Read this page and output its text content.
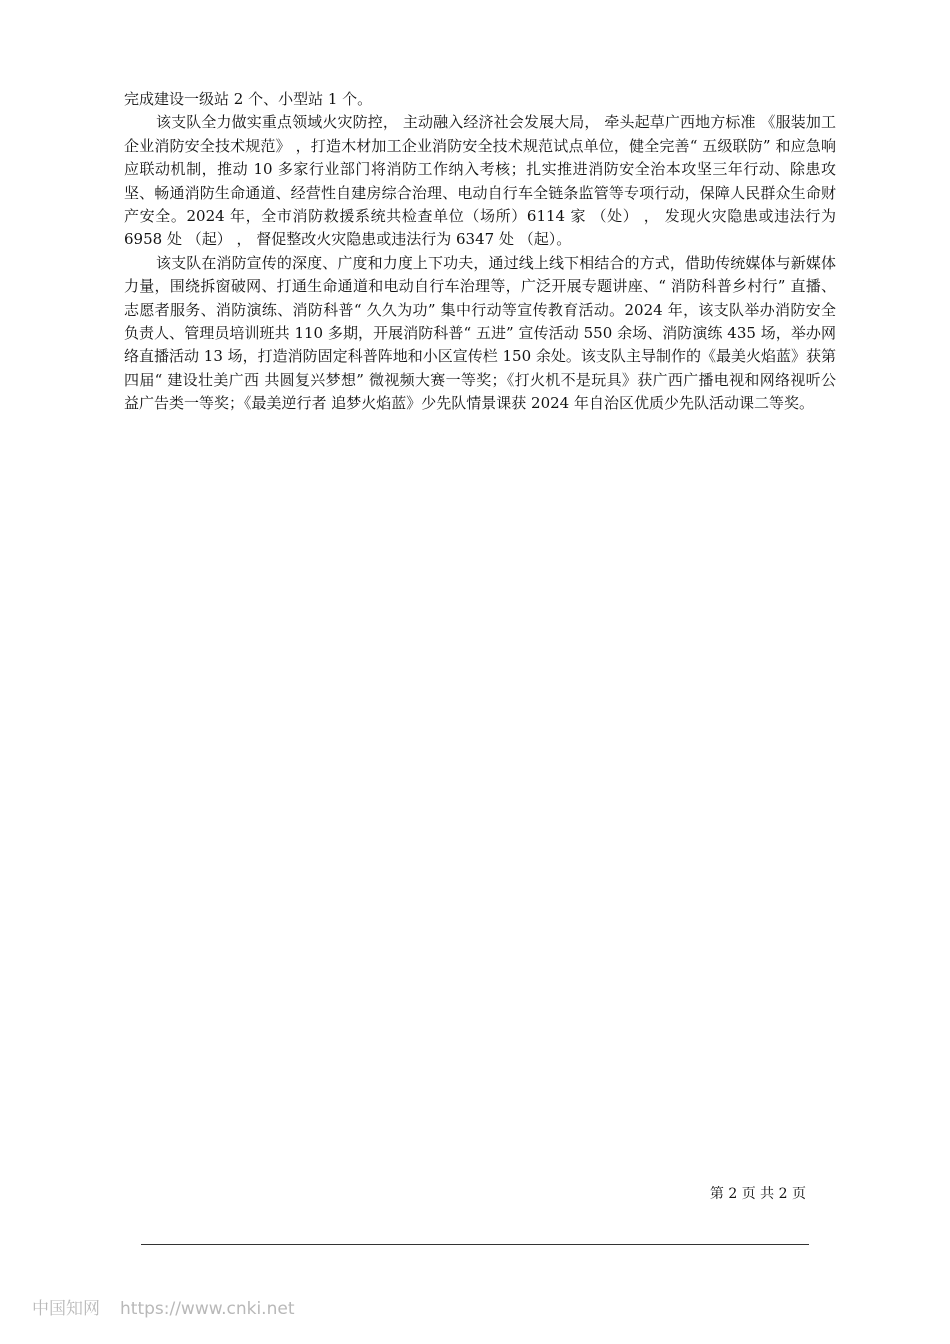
完成建设一级站 2 个、小型站 1 个。

该支队全力做实重点领域火灾防控， 主动融入经济社会发展大局， 牵头起草广西地方标准 《服装加工企业消防安全技术规范》 ，打造木材加工企业消防安全技术规范试点单位，健全完善“ 五级联防” 和应急响应联动机制，推动 10 多家行业部门将消防工作纳入考核；扎实推进消防安全治本攻坚三年行动、除患攻坚、畅通消防生命通道、经营性自建房综合治理、电动自行车全链条监管等专项行动，保障人民群众生命财产安全。2024 年，全市消防救援系统共检查单位（场所）6114 家 （处） ， 发现火灾隐患或违法行为 6958 处 （起） ， 督促整改火灾隐患或违法行为 6347 处 （起）。

该支队在消防宣传的深度、广度和力度上下功夫，通过线上线下相结合的方式，借助传统媒体与新媒体力量，围绕拆窗破网、打通生命通道和电动自行车治理等，广泛开展专题讲座、“ 消防科普乡村行” 直播、志愿者服务、消防演练、消防科普“ 久久为功” 集中行动等宣传教育活动。2024 年，该支队举办消防安全负责人、管理员培训班共 110 多期，开展消防科普“ 五进” 宣传活动 550 余场、消防演练 435 场，举办网络直播活动 13 场，打造消防固定科普阵地和小区宣传栏 150 余处。该支队主导制作的《最美火焰蓝》获第四届“ 建设壮美广西 共圆复兴梦想” 微视频大赛一等奖；《打火机不是玩具》获广西广播电视和网络视听公益广告类一等奖；《最美逆行者 追梦火焰蓝》少先队情景课获 2024 年自治区优质少先队活动课二等奖。

第 2 页 共 2 页
中国知网 https://www.cnki.net
